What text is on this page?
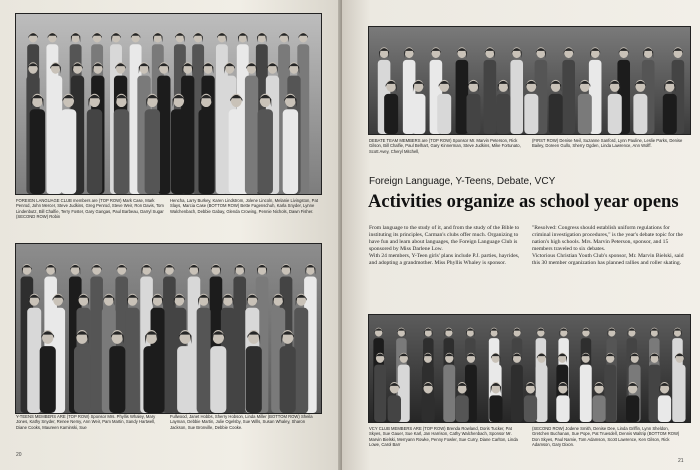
FOREIGN LANGUAGE CLUB members are (TOP ROW) Mark Case, Mark Penrod, John Mercer, Steve Judkins, Greg Penrod, Steve Weir, Ron Davis, Tom Lindenbutz, Bill Chalfie, Terry Foster, Gary Gangas, Paul Barbeau, Darryl Sugar (SECOND ROW) Robin

Hencha, Larry Burkey, Karen Lindstrom, Jolene Lincoln, Melanie Livingston, Pat Slays, Marcia Case (BOTTOM ROW) Bette Fagenschuh, Karla Snyder, Lynne Walchenbach, Debbie Gabay, Glenda Crowing, Pennie Nichols, Dawn Fisher.

Y-TEENS MEMBERS ARE (TOP ROW) Sponsor Mrs. Phyllis Whaley, Mary Jones, Kathy Snyder, Renee Nemy, Ann Weir, Pam Martin, Sandy Hartwell, Diane Cooks, Maureen Kaminski, Sue

Fullwood, Janet Hobbs, Sherry Hobson, Linda Miller (BOTTOM ROW) Sheila Layman, Debbie Martin, Julie Ogelsby, Sue Wills, Susan Whaley, Sharon Jackson, Sue Bronville, Debbie Cooke.

20

DEBATE TEAM MEMBERS are (TOP ROW) Sponsor Mr. Marvin Peterson, Rick Gilson, Bill Chalfie, Paul Belhart, Gary Kinnerman, Steve Judkins, Mike Fortunato, Scott Avey, Cheryl Mitchell,

(FIRST ROW) Denise Neil, Suzanne Sanford, Lynn Pauline, Leslie Parks, Denise Bailey, Doreen Gullo, Sherry Ogden, Linda Lawrence, Ann Wolff.

Foreign Language, Y-Teens, Debate, VCY

Activities organize as school year opens

From language to the study of it, and from the study of the Bible to instituting its principles, Carman's clubs offer much. Organizing to have fun and learn about languages, the Foreign Language Club is sponsored by Miss Darlene Low.
With 24 members, Y-Teen girls' plans include P.J. parties, hayrides, and adopting a grandmother. Miss Phyllis Whaley is sponsor.

"Resolved: Congress should establish uniform regulations for criminal investigation procedures," is the year's debate topic for the nation's high schools. Mrs. Marvin Peterson, sponsor, and 15 members traveled to six debates.
Victorious Christian Youth Club's sponsor, Mr. Marvin Bielski, said this 30 member organization has planned rallies and roller skating.

VCY CLUB MEMBERS ARE (TOP ROW) Brenda Rowland, Doris Tucker, Pat Skyes, Sue Gauer, Sue Karl, Jan Harrison, Cathy Walchenbach, Sponsor Mr. Marvin Bielski, Merryann Rowke, Penny Fowler, Sue Curry, Diane Carlton, Linda Lowe, Carol Barr

(SECOND ROW) Jodene Smith, Denise Dee, Linda Griffin, Lynn Sheldon, Gretchen Buchanan, Sue Pope, Pat Truesdell, Dennis Waltrip (BOTTOM ROW) Don Skyes, Paul Namie, Tom Adamson, Scott Lawrence, Ken Gilson, Rick Adamson, Gary Dixon.

21
